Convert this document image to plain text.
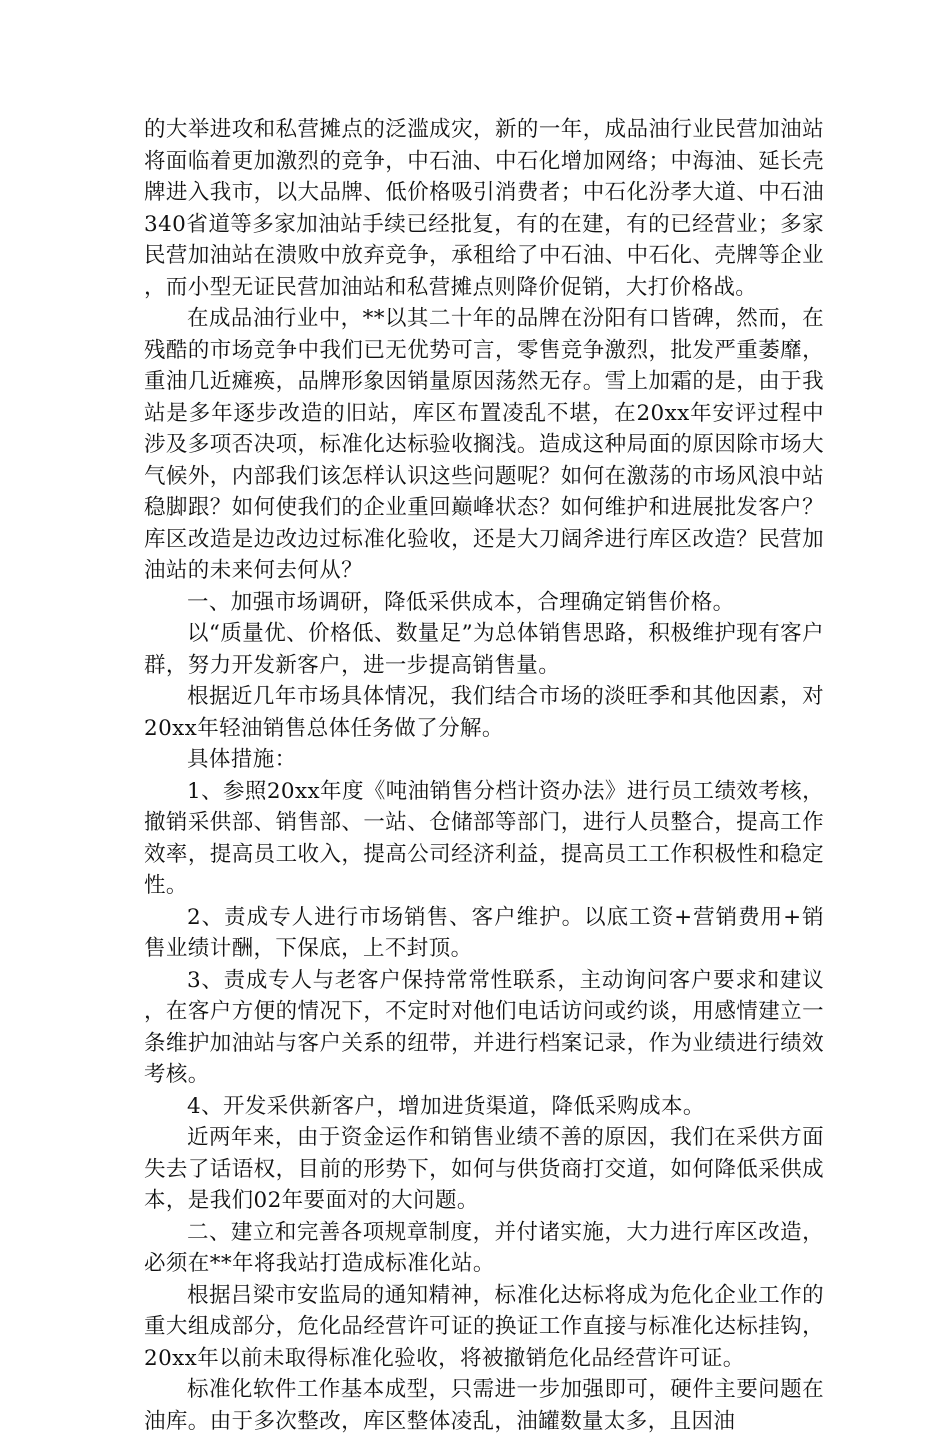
的大举进攻和私营摊点的泛滥成灾，新的一年，成品油行业民营加油站将面临着更加激烈的竞争，中石油、中石化增加网络；中海油、延长壳牌进入我市，以大品牌、低价格吸引消费者；中石化汾孝大道、中石油340省道等多家加油站手续已经批复，有的在建，有的已经营业；多家民营加油站在溃败中放弃竞争，承租给了中石油、中石化、壳牌等企业，而小型无证民营加油站和私营摊点则降价促销，大打价格战。

在成品油行业中，**以其二十年的品牌在汾阳有口皆碑，然而，在残酷的市场竞争中我们已无优势可言，零售竞争激烈，批发严重萎靡，重油几近瘫痪，品牌形象因销量原因荡然无存。雪上加霜的是，由于我站是多年逐步改造的旧站，库区布置凌乱不堪，在20xx年安评过程中涉及多项否决项，标准化达标验收搁浅。造成这种局面的原因除市场大气候外，内部我们该怎样认识这些问题呢？如何在激荡的市场风浪中站稳脚跟？如何使我们的企业重回巅峰状态？如何维护和进展批发客户？库区改造是边改边过标准化验收，还是大刀阔斧进行库区改造？民营加油站的未来何去何从？

一、加强市场调研，降低采供成本，合理确定销售价格。

以“质量优、价格低、数量足”为总体销售思路，积极维护现有客户群，努力开发新客户，进一步提高销售量。

根据近几年市场具体情况，我们结合市场的淡旺季和其他因素，对20xx年轻油销售总体任务做了分解。

具体措施：

1、参照20xx年度《吨油销售分档计资办法》进行员工绩效考核，撤销采供部、销售部、一站、仓储部等部门，进行人员整合，提高工作效率，提高员工收入，提高公司经济利益，提高员工工作积极性和稳定性。

2、责成专人进行市场销售、客户维护。以底工资+营销费用+销售业绩计酬，下保底，上不封顶。

3、责成专人与老客户保持常常性联系，主动询问客户要求和建议，在客户方便的情况下，不定时对他们电话访问或约谈，用感情建立一条维护加油站与客户关系的纽带，并进行档案记录，作为业绩进行绩效考核。

4、开发采供新客户，增加进货渠道，降低采购成本。

近两年来，由于资金运作和销售业绩不善的原因，我们在采供方面失去了话语权，目前的形势下，如何与供货商打交道，如何降低采供成本，是我们02年要面对的大问题。

二、建立和完善各项规章制度，并付诸实施，大力进行库区改造，必须在**年将我站打造成标准化站。

根据吕梁市安监局的通知精神，标准化达标将成为危化企业工作的重大组成部分，危化品经营许可证的换证工作直接与标准化达标挂钩，20xx年以前未取得标准化验收，将被撤销危化品经营许可证。

标准化软件工作基本成型，只需进一步加强即可，硬件主要问题在油库。由于多次整改，库区整体凌乱，油罐数量太多，且因油
